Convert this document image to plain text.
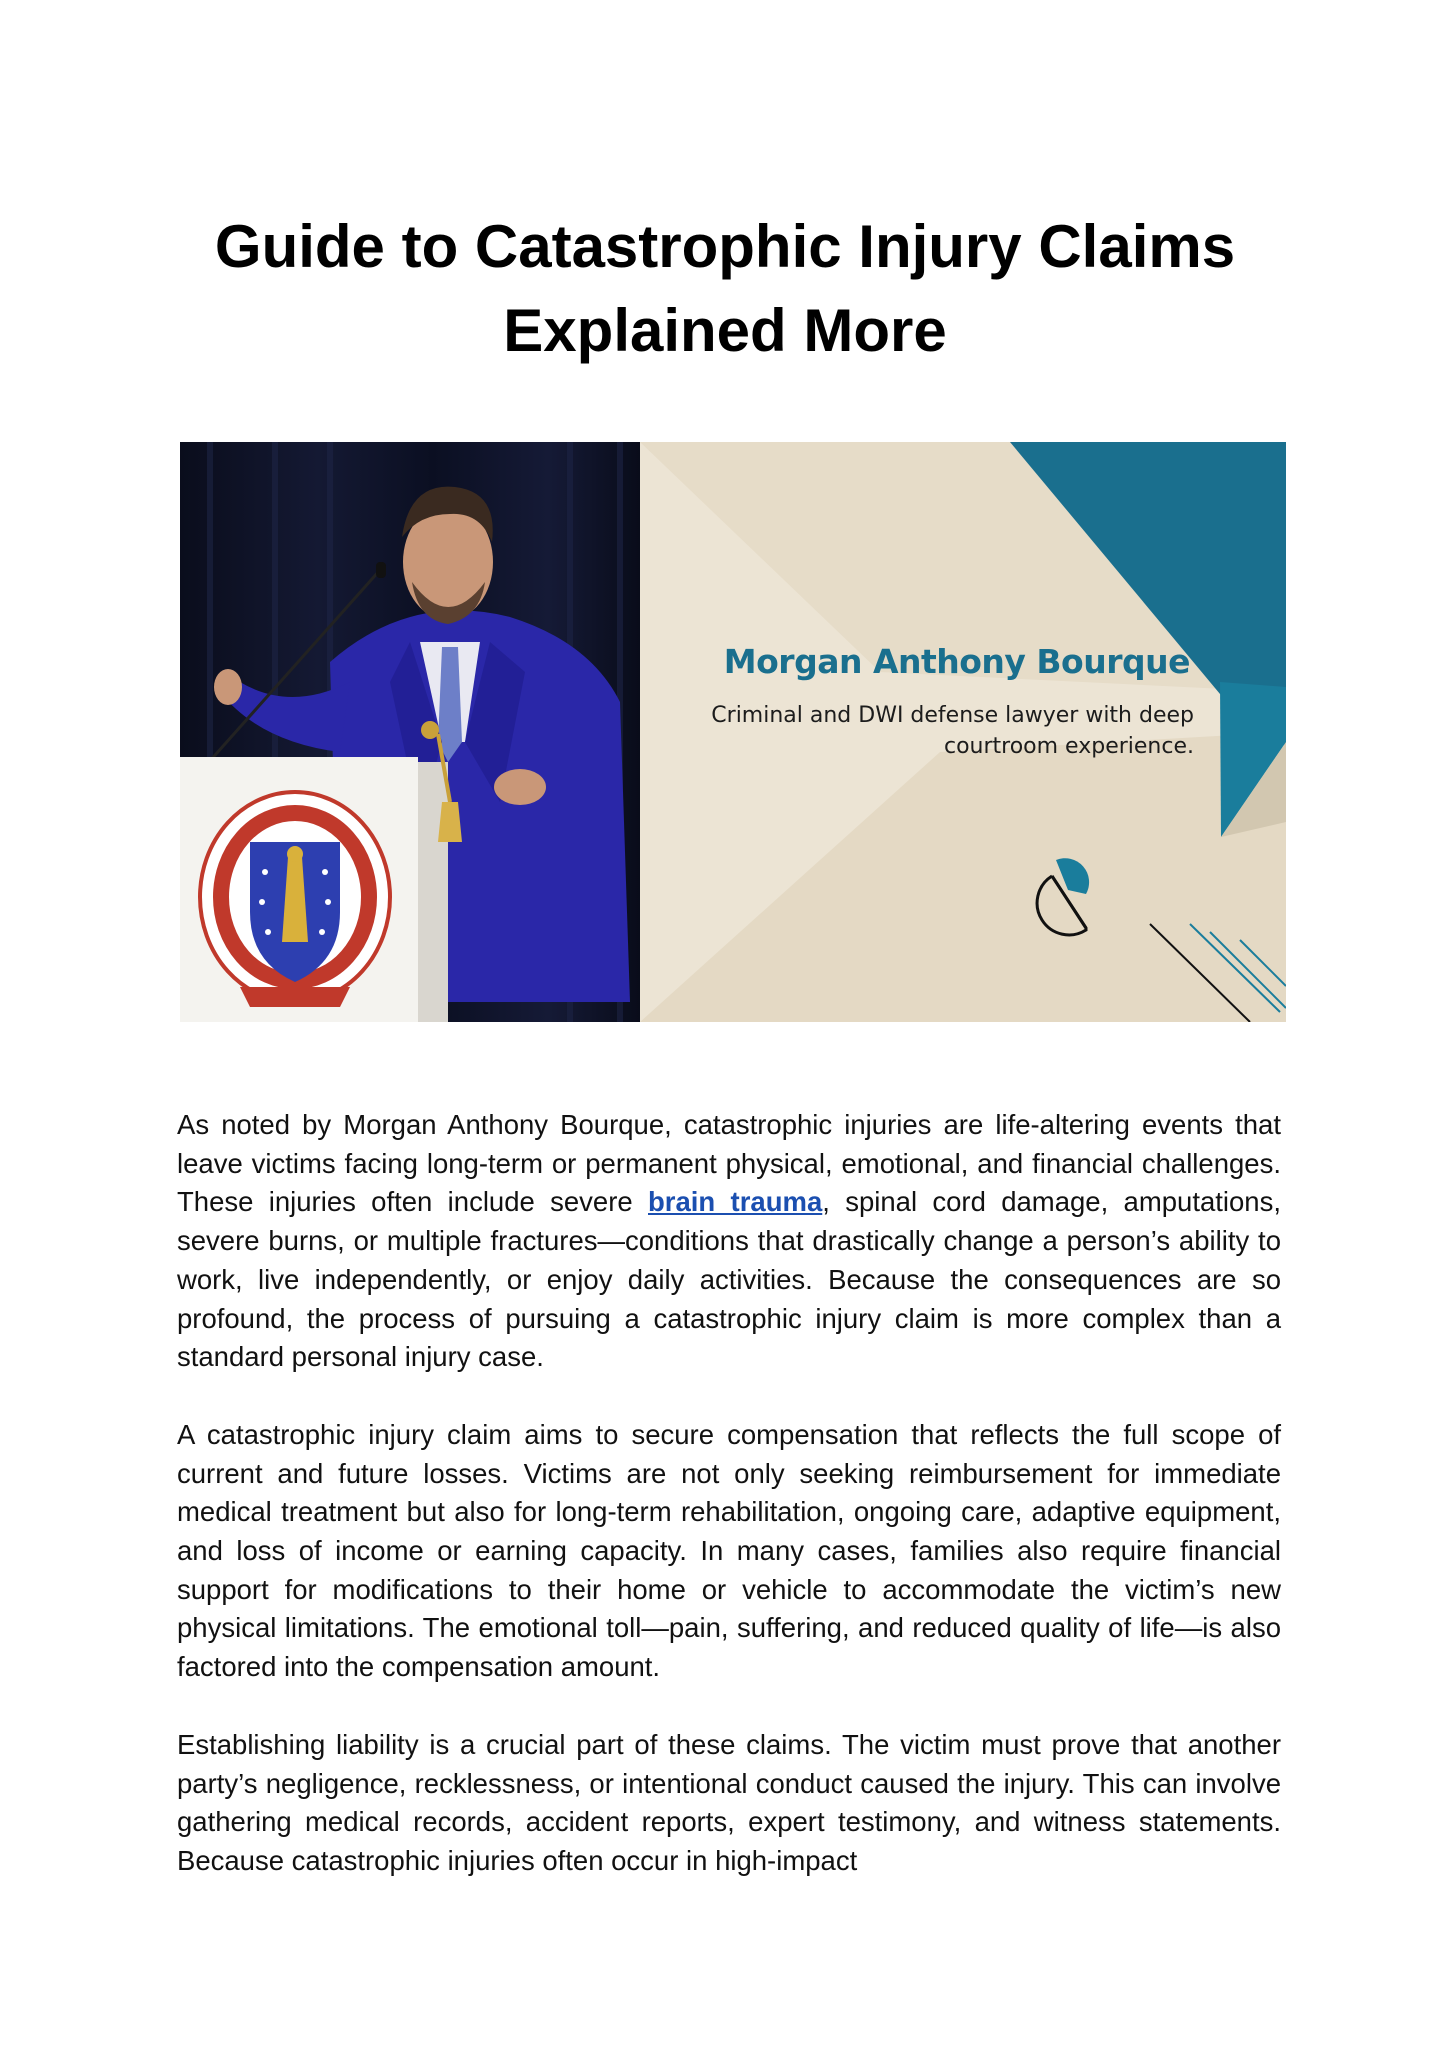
Guide to Catastrophic Injury Claims
Explained More
Morgan Anthony Bourque
Criminal and DWI defense lawyer with deep courtroom experience.

As noted by Morgan Anthony Bourque, catastrophic injuries are life-altering events that leave victims facing long-term or permanent physical, emotional, and financial challenges. These injuries often include severe brain trauma, spinal cord damage, amputations, severe burns, or multiple fractures—conditions that drastically change a person’s ability to work, live independently, or enjoy daily activities. Because the consequences are so profound, the process of pursuing a catastrophic injury claim is more complex than a standard personal injury case.

A catastrophic injury claim aims to secure compensation that reflects the full scope of current and future losses. Victims are not only seeking reimbursement for immediate medical treatment but also for long-term rehabilitation, ongoing care, adaptive equipment, and loss of income or earning capacity. In many cases, families also require financial support for modifications to their home or vehicle to accommodate the victim’s new physical limitations. The emotional toll—pain, suffering, and reduced quality of life—is also factored into the compensation amount.

Establishing liability is a crucial part of these claims. The victim must prove that another party’s negligence, recklessness, or intentional conduct caused the injury. This can involve gathering medical records, accident reports, expert testimony, and witness statements. Because catastrophic injuries often occur in high-impact
